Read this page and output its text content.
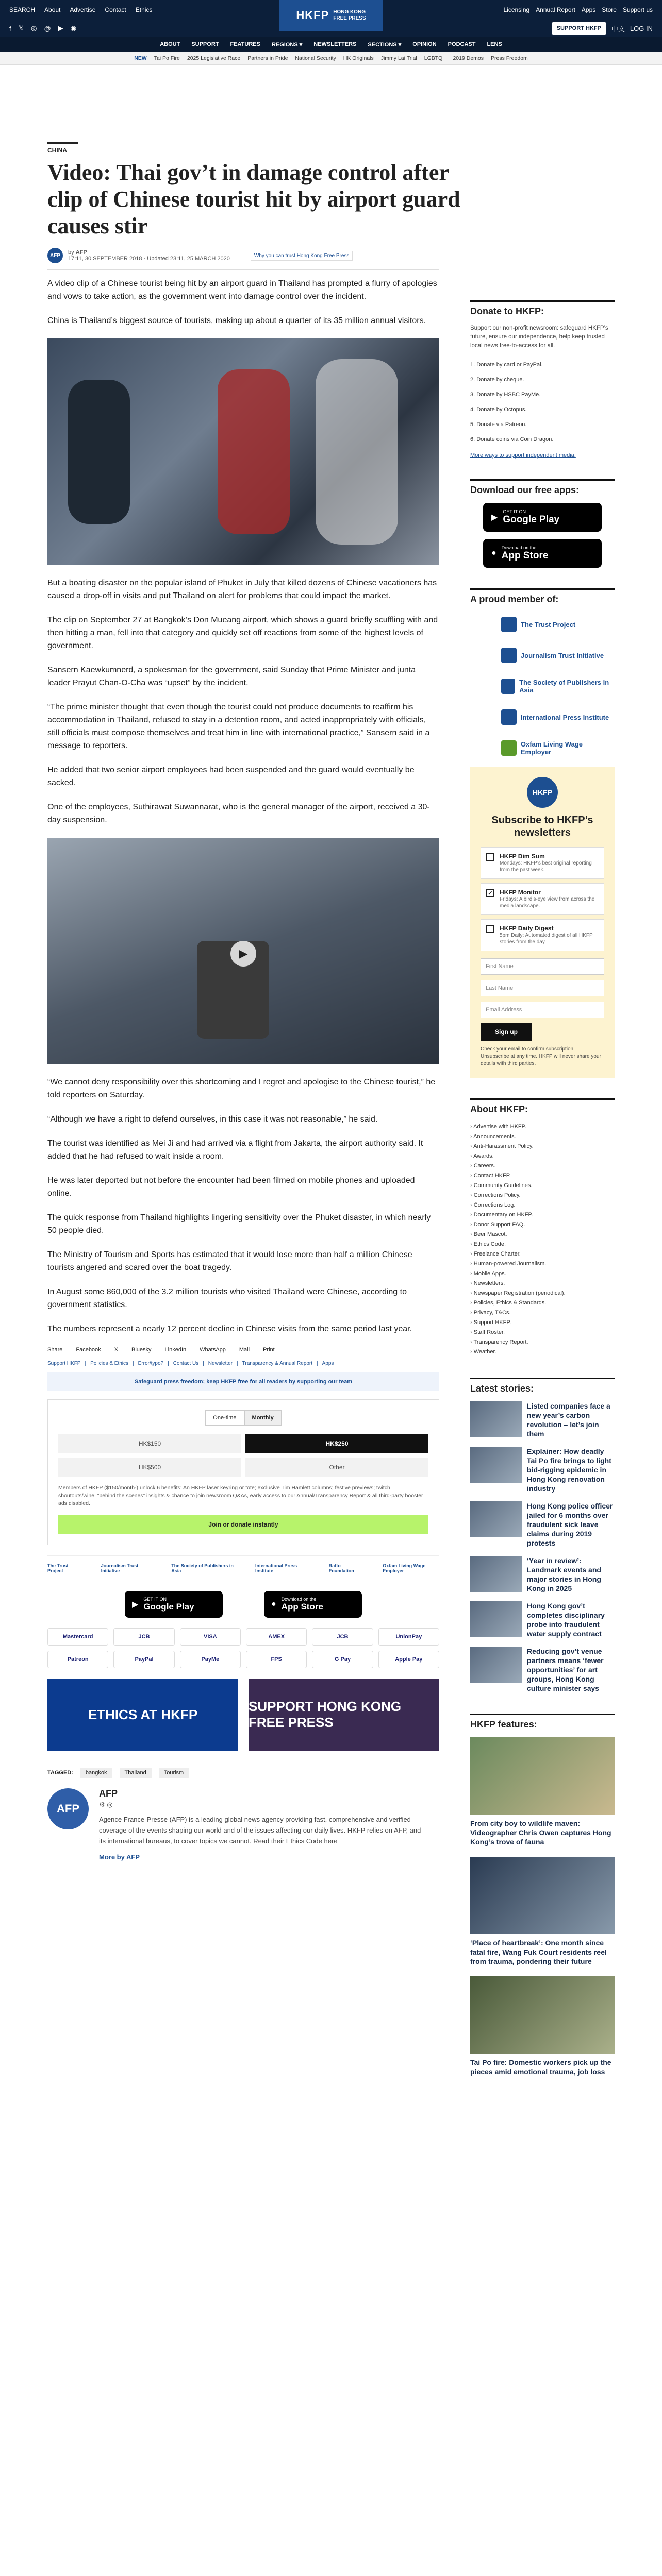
SEARCH About Advertise Contact Ethics	Licensing Annual Report Apps Store Support us
HKFP HONG KONG
FREE PRESS
f 𝕏 ◎ @ ▶ ◉	SUPPORT HKFP	中文 LOG IN
ABOUT SUPPORT FEATURES REGIONS ▾ NEWSLETTERS SECTIONS ▾ OPINION PODCAST LENS
NEW Tai Po Fire 2025 Legislative Race Partners in Pride National Security HK Originals Jimmy Lai Trial LGBTQ+ 2019 Demos Press Freedom
CHINA
Video: Thai gov’t in damage control after clip of Chinese tourist hit by airport guard causes stir
AFP	by AFP
17:11, 30 SEPTEMBER 2018 · Updated 23:11, 25 MARCH 2020	Why you can trust Hong Kong Free Press

A video clip of a Chinese tourist being hit by an airport guard in Thailand has prompted a flurry of apologies and vows to take action, as the government went into damage control over the incident.

China is Thailand’s biggest source of tourists, making up about a quarter of its 35 million annual visitors.

But a boating disaster on the popular island of Phuket in July that killed dozens of Chinese vacationers has caused a drop-off in visits and put Thailand on alert for problems that could impact the market.

The clip on September 27 at Bangkok’s Don Mueang airport, which shows a guard briefly scuffling with and then hitting a man, fell into that category and quickly set off reactions from some of the highest levels of government.

Sansern Kaewkumnerd, a spokesman for the government, said Sunday that Prime Minister and junta leader Prayut Chan-O-Cha was “upset” by the incident.

“The prime minister thought that even though the tourist could not produce documents to reaffirm his accommodation in Thailand, refused to stay in a detention room, and acted inappropriately with officials, still officials must compose themselves and treat him in line with international practice,” Sansern said in a message to reporters.

He added that two senior airport employees had been suspended and the guard would eventually be sacked.

One of the employees, Suthirawat Suwannarat, who is the general manager of the airport, received a 30-day suspension.

▶

“We cannot deny responsibility over this shortcoming and I regret and apologise to the Chinese tourist,” he told reporters on Saturday.

“Although we have a right to defend ourselves, in this case it was not reasonable,” he said.

The tourist was identified as Mei Ji and had arrived via a flight from Jakarta, the airport authority said. It added that he had refused to wait inside a room.

He was later deported but not before the encounter had been filmed on mobile phones and uploaded online.

The quick response from Thailand highlights lingering sensitivity over the Phuket disaster, in which nearly 50 people died.

The Ministry of Tourism and Sports has estimated that it would lose more than half a million Chinese tourists angered and scared over the boat tragedy.

In August some 860,000 of the 3.2 million tourists who visited Thailand were Chinese, according to government statistics.

The numbers represent a nearly 12 percent decline in Chinese visits from the same period last year.

Share Facebook X Bluesky LinkedIn WhatsApp Mail Print
Support HKFP | Policies & Ethics | Error/typo? | Contact Us | Newsletter | Transparency & Annual Report | Apps
Safeguard press freedom; keep HKFP free for all readers by supporting our team
One-time	Monthly
HK$150	HK$250
HK$500	Other
Members of HKFP ($150/month-) unlock 6 benefits: An HKFP laser keyring or tote; exclusive Tim Hamlett columns; festive previews; twitch shoutouts/wine, “behind the scenes” insights & chance to join newsroom Q&As, early access to our Annual/Transparency Report & all third-party booster ads disabled.
Join or donate instantly
The Trust Project
Journalism Trust Initiative
The Society of Publishers in Asia
International Press Institute
Rafto Foundation
Oxfam Living Wage Employer
▶
GET IT ON
Google Play	●
Download on the
App Store
Mastercard	JCB	VISA	AMEX	JCB	UnionPay
Patreon	PayPal	PayMe	FPS	G Pay	Apple Pay
ETHICS AT HKFP
SUPPORT HONG KONG FREE PRESS
TAGGED:	bangkok	Thailand	Tourism
AFP
AFP
⚙ ◎
Agence France-Presse (AFP) is a leading global news agency providing fast, comprehensive and verified coverage of the events shaping our world and of the issues affecting our daily lives. HKFP relies on AFP, and its international bureaus, to cover topics we cannot. Read their Ethics Code here
More by AFP
Donate to HKFP:
Support our non-profit newsroom: safeguard HKFP’s future, ensure our independence, help keep trusted local news free-to-access for all.
1. Donate by card or PayPal.
2. Donate by cheque.
3. Donate by HSBC PayMe.
4. Donate by Octopus.
5. Donate via Patreon.
6. Donate coins via Coin Dragon.
More ways to support independent media.
Download our free apps:
▶
GET IT ON
Google Play
●
Download on the
App Store
A proud member of:
The Trust Project
Journalism Trust Initiative
The Society of Publishers in Asia
International Press Institute
Oxfam Living Wage Employer
HKFP
Subscribe to HKFP’s newsletters
HKFP Dim Sum
Mondays: HKFP’s best original reporting from the past week.
✓ HKFP Monitor
Fridays: A bird’s-eye view from across the media landscape.
HKFP Daily Digest
5pm Daily: Automated digest of all HKFP stories from the day.
First Name
Last Name
Email Address
Sign up
Check your email to confirm subscription. Unsubscribe at any time. HKFP will never share your details with third parties.
About HKFP:
› Advertise with HKFP.
› Announcements.
› Anti-Harassment Policy.
› Awards.
› Careers.
› Contact HKFP.
› Community Guidelines.
› Corrections Policy.
› Corrections Log.
› Documentary on HKFP.
› Donor Support FAQ.
› Beer Mascot.
› Ethics Code.
› Freelance Charter.
› Human-powered Journalism.
› Mobile Apps.
› Newsletters.
› Newspaper Registration (periodical).
› Policies, Ethics & Standards.
› Privacy, T&Cs.
› Support HKFP.
› Staff Roster.
› Transparency Report.
› Weather.
Latest stories:
Listed companies face a new year’s carbon revolution – let’s join them
Explainer: How deadly Tai Po fire brings to light bid-rigging epidemic in Hong Kong renovation industry
Hong Kong police officer jailed for 6 months over fraudulent sick leave claims during 2019 protests
‘Year in review’: Landmark events and major stories in Hong Kong in 2025
Hong Kong gov’t completes disciplinary probe into fraudulent water supply contract
Reducing gov’t venue partners means ‘fewer opportunities’ for art groups, Hong Kong culture minister says
HKFP features:
From city boy to wildlife maven: Videographer Chris Owen captures Hong Kong’s trove of fauna
‘Place of heartbreak’: One month since fatal fire, Wang Fuk Court residents reel from trauma, pondering their future
Tai Po fire: Domestic workers pick up the pieces amid emotional trauma, job loss
